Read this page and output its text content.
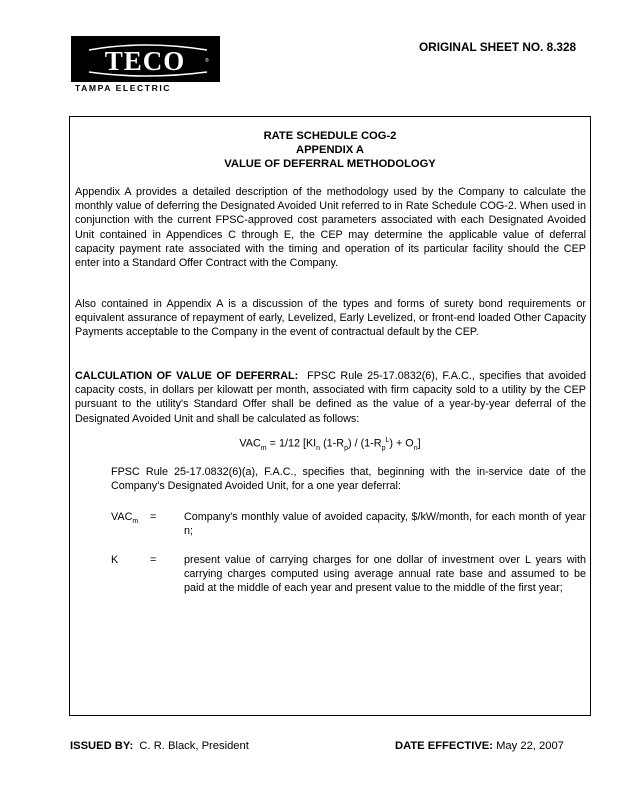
TECO	®
TAMPA ELECTRIC
ORIGINAL SHEET NO. 8.328
RATE SCHEDULE COG-2
APPENDIX A
VALUE OF DEFERRAL METHODOLOGY

Appendix A provides a detailed description of the methodology used by the Company to calculate the monthly value of deferring the Designated Avoided Unit referred to in Rate Schedule COG-2. When used in conjunction with the current FPSC-approved cost parameters associated with each Designated Avoided Unit contained in Appendices C through E, the CEP may determine the applicable value of deferral capacity payment rate associated with the timing and operation of its particular facility should the CEP enter into a Standard Offer Contract with the Company.

Also contained in Appendix A is a discussion of the types and forms of surety bond requirements or equivalent assurance of repayment of early, Levelized, Early Levelized, or front-end loaded Other Capacity Payments acceptable to the Company in the event of contractual default by the CEP.

CALCULATION OF VALUE OF DEFERRAL: FPSC Rule 25-17.0832(6), F.A.C., specifies that avoided capacity costs, in dollars per kilowatt per month, associated with firm capacity sold to a utility by the CEP pursuant to the utility's Standard Offer shall be defined as the value of a year-by-year deferral of the Designated Avoided Unit and shall be calculated as follows:

$VAC_m = 1/12$ [$KI_n$ $(1-R_p) / (1-R_p^L) + O_n$]

FPSC Rule 25-17.0832(6)(a), F.A.C., specifies that, beginning with the in-service date of the Company's Designated Avoided Unit, for a one year deferral:

$VAC_m$ =	Company's monthly value of avoided capacity, $/kW/month, for each month of year n;

K	=	present value of carrying charges for one dollar of investment over L years with carrying charges computed using average annual rate base and assumed to be paid at the middle of each year and present value to the middle of the first year;

ISSUED BY: C. R. Black, President	DATE EFFECTIVE: May 22, 2007
